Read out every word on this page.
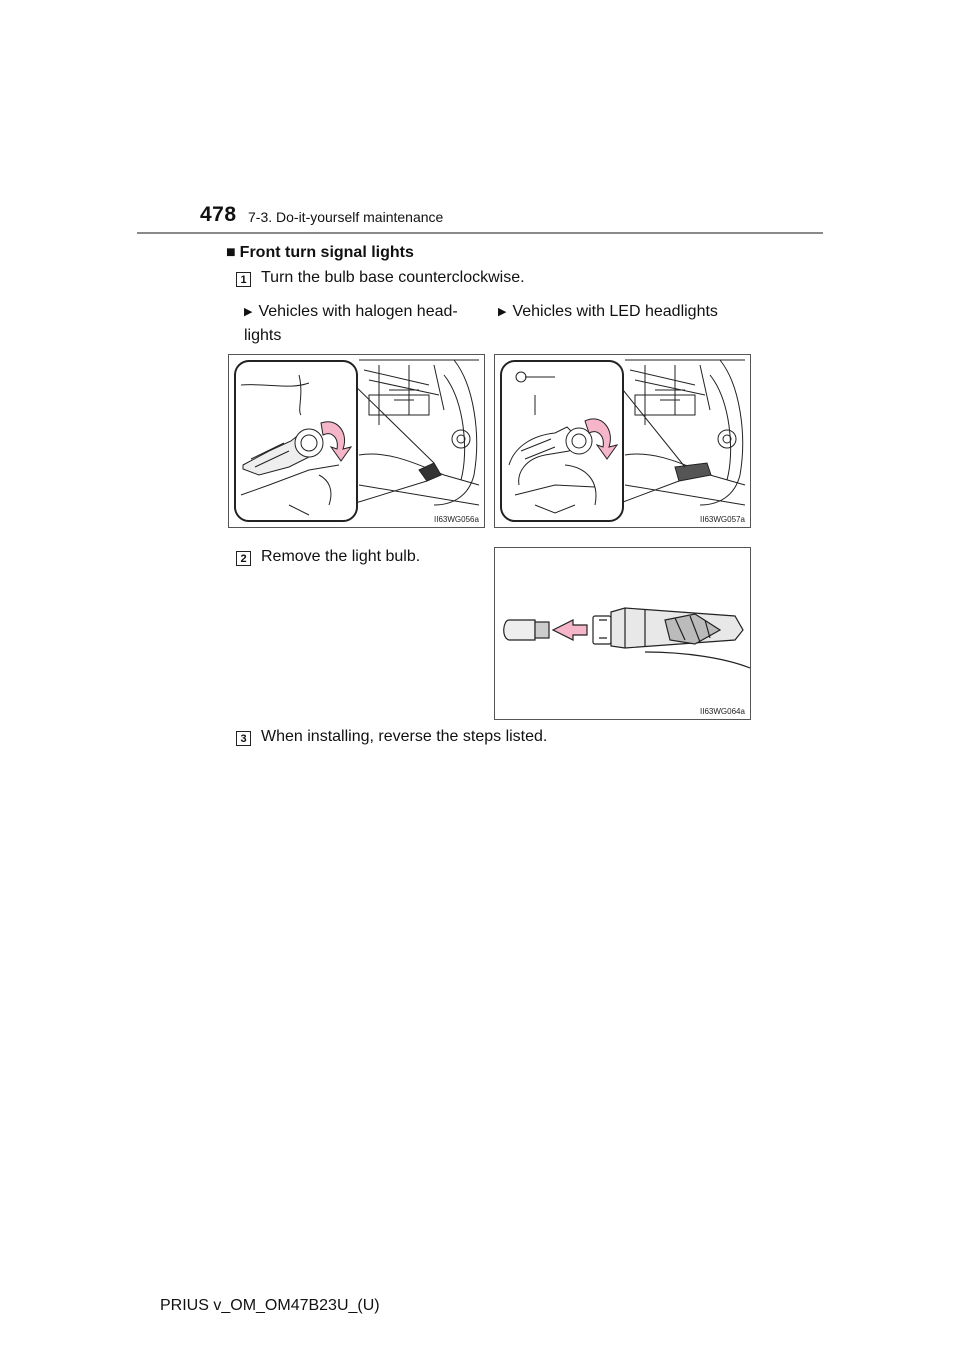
478 7-3. Do-it-yourself maintenance
■ Front turn signal lights
1 Turn the bulb base counterclockwise.
▶ Vehicles with halogen head-
lights
▶ Vehicles with LED headlights
II63WG056a	II63WG057a
2 Remove the light bulb.
II63WG064a
3 When installing, reverse the steps listed.
PRIUS v_OM_OM47B23U_(U)
